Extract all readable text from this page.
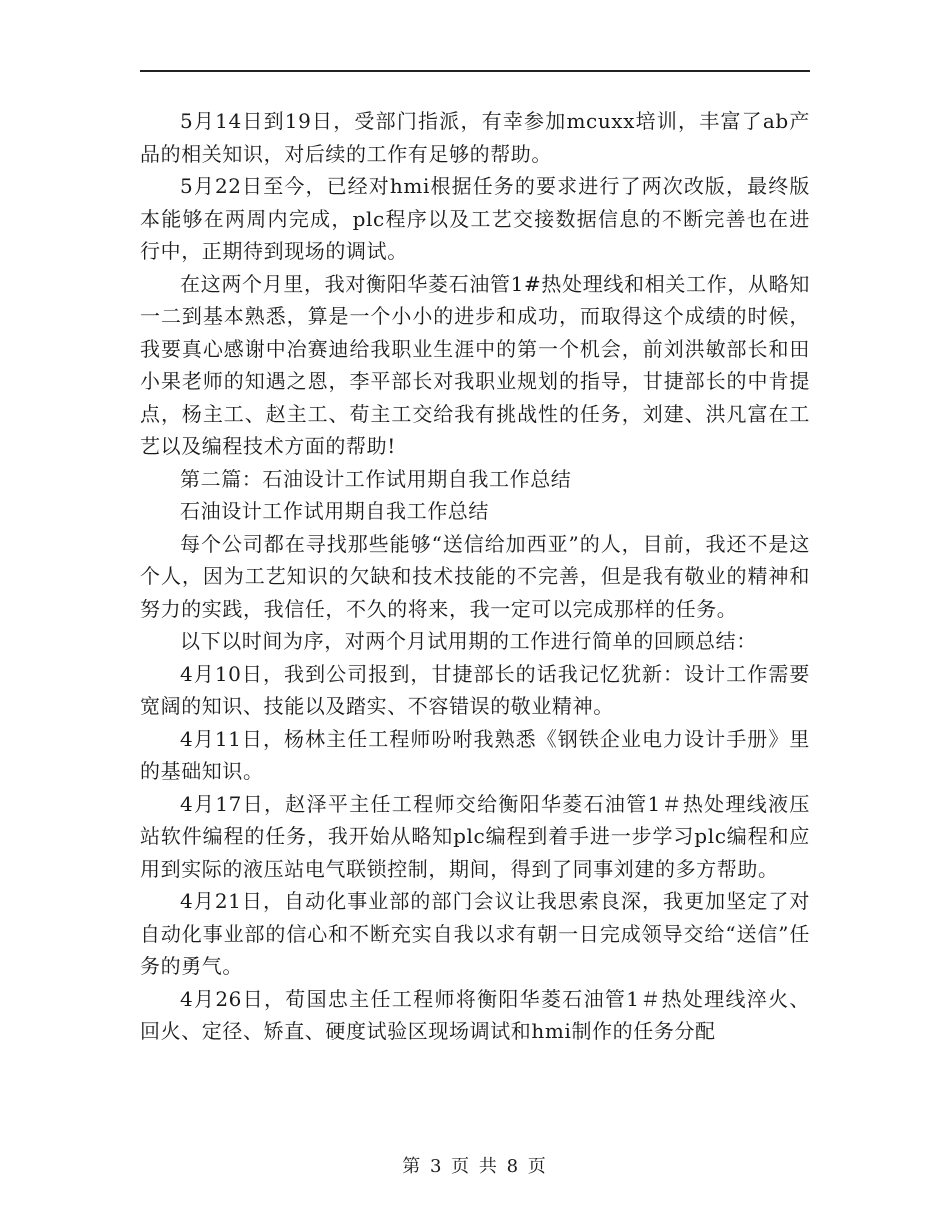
5月14日到19日，受部门指派，有幸参加mcuxx培训，丰富了ab产品的相关知识，对后续的工作有足够的帮助。

5月22日至今，已经对hmi根据任务的要求进行了两次改版，最终版本能够在两周内完成，plc程序以及工艺交接数据信息的不断完善也在进行中，正期待到现场的调试。

在这两个月里，我对衡阳华菱石油管1#热处理线和相关工作，从略知一二到基本熟悉，算是一个小小的进步和成功，而取得这个成绩的时候，我要真心感谢中冶赛迪给我职业生涯中的第一个机会，前刘洪敏部长和田小果老师的知遇之恩，李平部长对我职业规划的指导，甘捷部长的中肯提点，杨主工、赵主工、荀主工交给我有挑战性的任务，刘建、洪凡富在工艺以及编程技术方面的帮助!

第二篇：石油设计工作试用期自我工作总结

石油设计工作试用期自我工作总结

每个公司都在寻找那些能够“送信给加西亚”的人，目前，我还不是这个人，因为工艺知识的欠缺和技术技能的不完善，但是我有敬业的精神和努力的实践，我信任，不久的将来，我一定可以完成那样的任务。

以下以时间为序，对两个月试用期的工作进行简单的回顾总结：

4月10日，我到公司报到，甘捷部长的话我记忆犹新：设计工作需要宽阔的知识、技能以及踏实、不容错误的敬业精神。

4月11日，杨林主任工程师吩咐我熟悉《钢铁企业电力设计手册》里的基础知识。

4月17日，赵泽平主任工程师交给衡阳华菱石油管1＃热处理线液压站软件编程的任务，我开始从略知plc编程到着手进一步学习plc编程和应用到实际的液压站电气联锁控制，期间，得到了同事刘建的多方帮助。

4月21日，自动化事业部的部门会议让我思索良深，我更加坚定了对自动化事业部的信心和不断充实自我以求有朝一日完成领导交给“送信”任务的勇气。

4月26日，荀国忠主任工程师将衡阳华菱石油管1＃热处理线淬火、回火、定径、矫直、硬度试验区现场调试和hmi制作的任务分配

第 3 页 共 8 页
